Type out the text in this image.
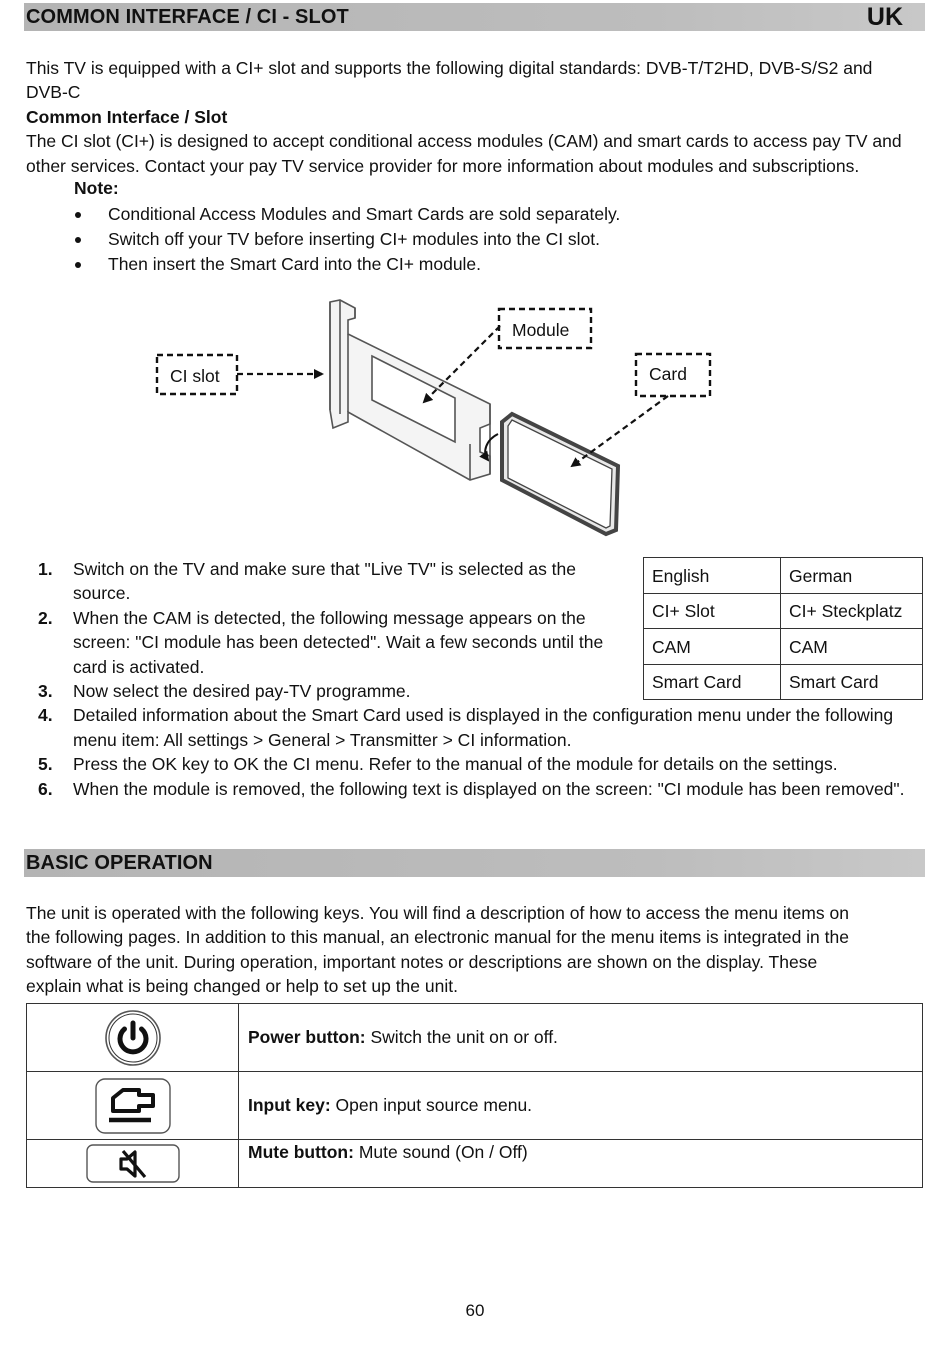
COMMON INTERFACE / CI - SLOT	UK
This TV is equipped with a CI+ slot and supports the following digital standards: DVB-T/T2HD, DVB-S/S2 and
DVB-C
Common Interface / Slot
The CI slot (CI+) is designed to accept conditional access modules (CAM) and smart cards to access pay TV and
other services. Contact your pay TV service provider for more information about modules and subscriptions.
Note:
Conditional Access Modules and Smart Cards are sold separately.
Switch off your TV before inserting CI+ modules into the CI slot.
Then insert the Smart Card into the CI+ module.
CI slot
Module
Card
1. Switch on the TV and make sure that "Live TV" is selected as the source.
2. When the CAM is detected, the following message appears on the screen: "CI module has been detected". Wait a few seconds until the card is activated.
3. Now select the desired pay-TV programme.
4. Detailed information about the Smart Card used is displayed in the configuration menu under the following menu item: All settings > General > Transmitter > CI information.
5. Press the OK key to OK the CI menu. Refer to the manual of the module for details on the settings.
6. When the module is removed, the following text is displayed on the screen: "CI module has been removed".
English	German
CI+ Slot	CI+ Steckplatz
CAM	CAM
Smart Card	Smart Card
BASIC OPERATION
The unit is operated with the following keys. You will find a description of how to access the menu items on
the following pages. In addition to this manual, an electronic manual for the menu items is integrated in the
software of the unit. During operation, important notes or descriptions are shown on the display. These
explain what is being changed or help to set up the unit.
	Power button: Switch the unit on or off.
	Input key: Open input source menu.
	Mute button: Mute sound (On / Off)
60
